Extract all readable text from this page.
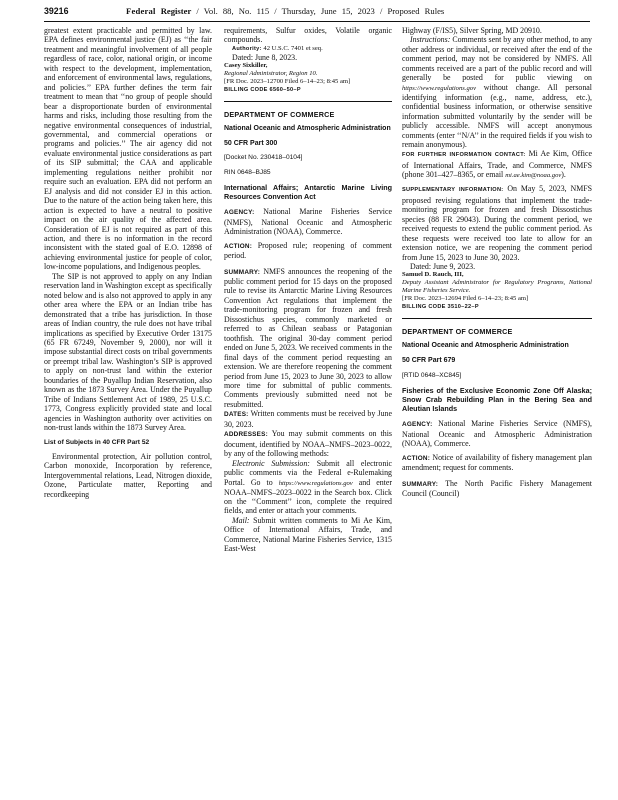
39216	Federal Register / Vol. 88, No. 115 / Thursday, June 15, 2023 / Proposed Rules

greatest extent practicable and permitted by law. EPA defines environmental justice (EJ) as ‘‘the fair treatment and meaningful involvement of all people regardless of race, color, national origin, or income with respect to the development, implementation, and enforcement of environmental laws, regulations, and policies.’’ EPA further defines the term fair treatment to mean that ‘‘no group of people should bear a disproportionate burden of environmental harms and risks, including those resulting from the negative environmental consequences of industrial, governmental, and commercial operations or programs and policies.’’ The air agency did not evaluate environmental justice considerations as part of its SIP submittal; the CAA and applicable implementing regulations neither prohibit nor require such an evaluation. EPA did not perform an EJ analysis and did not consider EJ in this action. Due to the nature of the action being taken here, this action is expected to have a neutral to positive impact on the air quality of the affected area. Consideration of EJ is not required as part of this action, and there is no information in the record inconsistent with the stated goal of E.O. 12898 of achieving environmental justice for people of color, low-income populations, and Indigenous peoples.

The SIP is not approved to apply on any Indian reservation land in Washington except as specifically noted below and is also not approved to apply in any other area where the EPA or an Indian tribe has demonstrated that a tribe has jurisdiction. In those areas of Indian country, the rule does not have tribal implications as specified by Executive Order 13175 (65 FR 67249, November 9, 2000), nor will it impose substantial direct costs on tribal governments or preempt tribal law. Washington’s SIP is approved to apply on non-trust land within the exterior boundaries of the Puyallup Indian Reservation, also known as the 1873 Survey Area. Under the Puyallup Tribe of Indians Settlement Act of 1989, 25 U.S.C. 1773, Congress explicitly provided state and local agencies in Washington authority over activities on non-trust lands within the 1873 Survey Area.

List of Subjects in 40 CFR Part 52

Environmental protection, Air pollution control, Carbon monoxide, Incorporation by reference, Intergovernmental relations, Lead, Nitrogen dioxide, Ozone, Particulate matter, Reporting and recordkeeping

requirements, Sulfur oxides, Volatile organic compounds.

Authority: 42 U.S.C. 7401 et seq.

Dated: June 8, 2023.

Casey Sixkiller,

Regional Administrator, Region 10.

[FR Doc. 2023–12700 Filed 6–14–23; 8:45 am]

BILLING CODE 6560–50–P

DEPARTMENT OF COMMERCE
National Oceanic and Atmospheric Administration
50 CFR Part 300
[Docket No. 230418–0104]
RIN 0648–BJ85
International Affairs; Antarctic Marine Living Resources Convention Act

AGENCY: National Marine Fisheries Service (NMFS), National Oceanic and Atmospheric Administration (NOAA), Commerce.

ACTION: Proposed rule; reopening of comment period.

SUMMARY: NMFS announces the reopening of the public comment period for 15 days on the proposed rule to revise its Antarctic Marine Living Resources Convention Act regulations that implement the trade-monitoring program for frozen and fresh Dissostichus species, commonly marketed or referred to as Chilean seabass or Patagonian toothfish. The original 30-day comment period ended on June 5, 2023. We received comments in the final days of the comment period requesting an extension. We are therefore reopening the comment period from June 15, 2023 to June 30, 2023 to allow more time for submittal of public comments. Comments previously submitted need not be resubmitted.

DATES: Written comments must be received by June 30, 2023.

ADDRESSES: You may submit comments on this document, identified by NOAA–NMFS–2023–0022, by any of the following methods:

Electronic Submission: Submit all electronic public comments via the Federal e-Rulemaking Portal. Go to https://www.regulations.gov and enter NOAA–NMFS–2023–0022 in the Search box. Click on the ‘‘Comment’’ icon, complete the required fields, and enter or attach your comments.

Mail: Submit written comments to Mi Ae Kim, Office of International Affairs, Trade, and Commerce, National Marine Fisheries Service, 1315 East-West

Highway (F/IS5), Silver Spring, MD 20910.

Instructions: Comments sent by any other method, to any other address or individual, or received after the end of the comment period, may not be considered by NMFS. All comments received are a part of the public record and will generally be posted for public viewing on https://www.regulations.gov without change. All personal identifying information (e.g., name, address, etc.), confidential business information, or otherwise sensitive information submitted voluntarily by the sender will be publicly accessible. NMFS will accept anonymous comments (enter ‘‘N/A’’ in the required fields if you wish to remain anonymous).

FOR FURTHER INFORMATION CONTACT: Mi Ae Kim, Office of International Affairs, Trade, and Commerce, NMFS (phone 301–427–8365, or email mi.ae.kim@noaa.gov).

SUPPLEMENTARY INFORMATION: On May 5, 2023, NMFS proposed revising regulations that implement the trade-monitoring program for frozen and fresh Dissostichus species (88 FR 29043). During the comment period, we received requests to extend the public comment period. As these requests were received too late to allow for an extension notice, we are reopening the comment period from June 15, 2023 to June 30, 2023.

Dated: June 9, 2023.

Samuel D. Rauch, III,

Deputy Assistant Administrator for Regulatory Programs, National Marine Fisheries Service.

[FR Doc. 2023–12694 Filed 6–14–23; 8:45 am]

BILLING CODE 3510–22–P

DEPARTMENT OF COMMERCE
National Oceanic and Atmospheric Administration
50 CFR Part 679
[RTID 0648–XC845]
Fisheries of the Exclusive Economic Zone Off Alaska; Snow Crab Rebuilding Plan in the Bering Sea and Aleutian Islands

AGENCY: National Marine Fisheries Service (NMFS), National Oceanic and Atmospheric Administration (NOAA), Commerce.

ACTION: Notice of availability of fishery management plan amendment; request for comments.

SUMMARY: The North Pacific Fishery Management Council (Council)
